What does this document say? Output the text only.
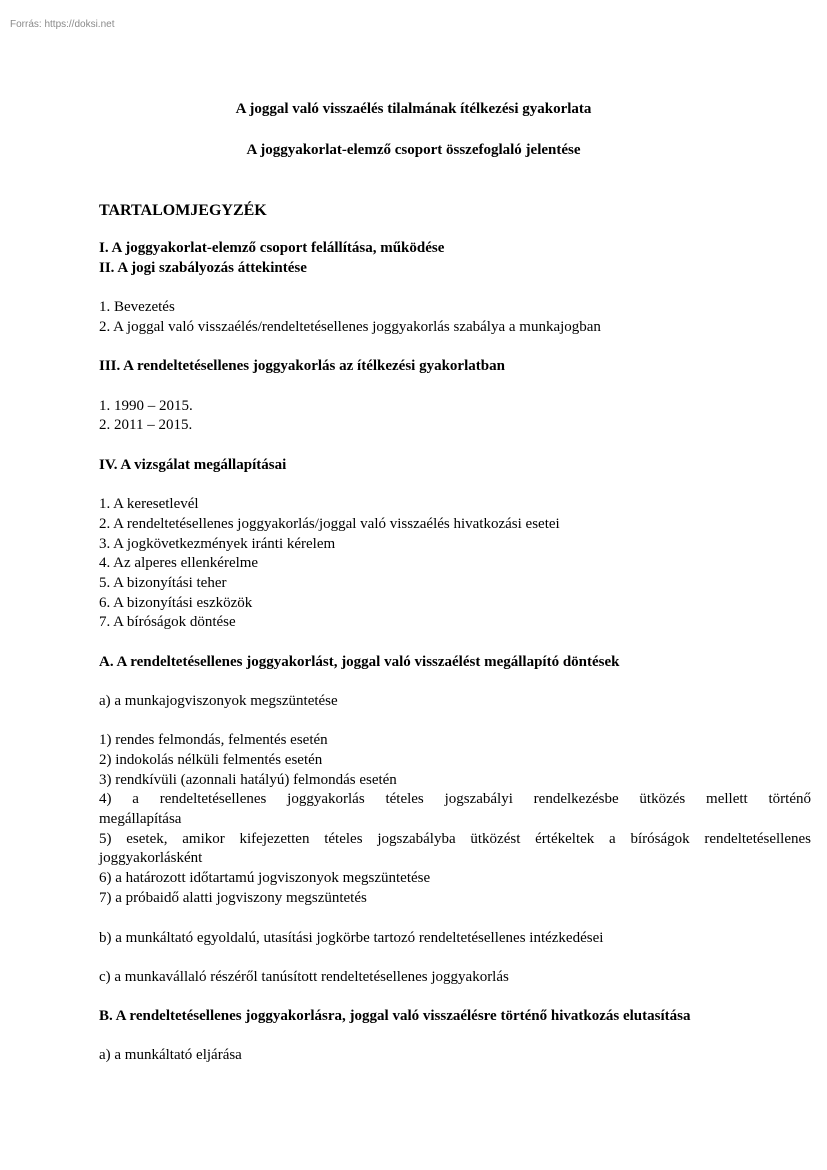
Forrás: https://doksi.net
A joggal való visszaélés tilalmának ítélkezési gyakorlata
A joggyakorlat-elemző csoport összefoglaló jelentése
TARTALOMJEGYZÉK
I. A joggyakorlat-elemző csoport felállítása, működése
II. A jogi szabályozás áttekintése
1. Bevezetés
2. A joggal való visszaélés/rendeltetésellenes joggyakorlás szabálya a munkajogban
III. A rendeltetésellenes joggyakorlás az ítélkezési gyakorlatban
1. 1990 – 2015.
2. 2011 – 2015.
IV. A vizsgálat megállapításai
1. A keresetlevél
2. A rendeltetésellenes joggyakorlás/joggal való visszaélés hivatkozási esetei
3. A jogkövetkezmények iránti kérelem
4. Az alperes ellenkérelme
5. A bizonyítási teher
6. A bizonyítási eszközök
7. A bíróságok döntése
A. A rendeltetésellenes joggyakorlást, joggal való visszaélést megállapító döntések
a) a munkajogviszonyok megszüntetése
1) rendes felmondás, felmentés esetén
2) indokolás nélküli felmentés esetén
3) rendkívüli (azonnali hatályú) felmondás esetén
4) a rendeltetésellenes joggyakorlás tételes jogszabályi rendelkezésbe ütközés mellett történő
megállapítása
5) esetek, amikor kifejezetten tételes jogszabályba ütközést értékeltek a bíróságok rendeltetésellenes
joggyakorlásként
6) a határozott időtartamú jogviszonyok megszüntetése
7) a próbaidő alatti jogviszony megszüntetés
b) a munkáltató egyoldalú, utasítási jogkörbe tartozó rendeltetésellenes intézkedései
c) a munkavállaló részéről tanúsított rendeltetésellenes joggyakorlás
B. A rendeltetésellenes joggyakorlásra, joggal való visszaélésre történő hivatkozás elutasítása
a) a munkáltató eljárása
